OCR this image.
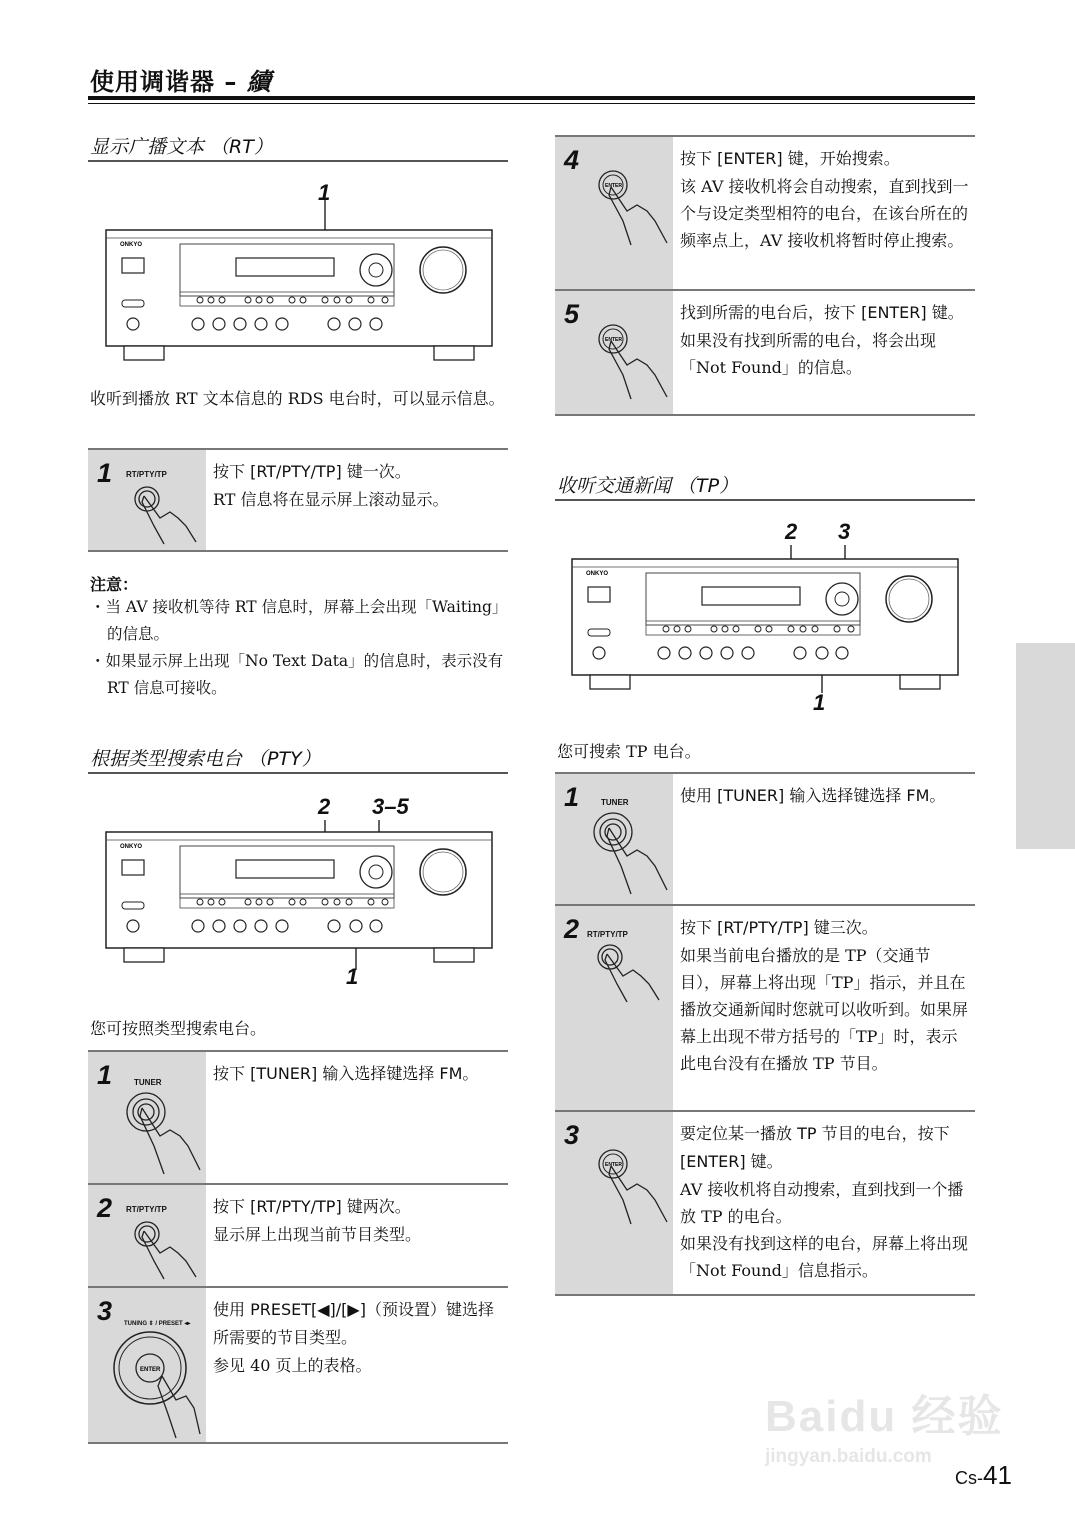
使用调谐器 – 續
显示广播文本 （RT）
1
ONKYO
收听到播放 RT 文本信息的 RDS 电台时，可以显示信息。
1 RT/PTY/TP	按下 [RT/PTY/TP] 键一次。
RT 信息将在显示屏上滚动显示。
注意：
・当 AV 接收机等待 RT 信息时，屏幕上会出现「Waiting」的信息。
・如果显示屏上出现「No Text Data」的信息时，表示没有 RT 信息可接收。
根据类型搜索电台 （PTY）
2 3–5
1
ONKYO
您可按照类型搜索电台。
1	TUNER	按下 [TUNER] 输入选择键选择 FM。
2 RT/PTY/TP	按下 [RT/PTY/TP] 键两次。
显示屏上出现当前节目类型。
3 TUNING ⇕ / PRESET ◂▸
ENTER
使用 PRESET[◀]/[▶]（预设置）键选择所需要的节目类型。
参见 40 页上的表格。
4
ENTER
按下 [ENTER] 键，开始搜索。
该 AV 接收机将会自动搜索，直到找到一个与设定类型相符的电台，在该台所在的频率点上，AV 接收机将暂时停止搜索。
5
ENTER
找到所需的电台后，按下 [ENTER] 键。
如果没有找到所需的电台，将会出现「Not Found」的信息。
收听交通新闻 （TP）
2 3
1
ONKYO
您可搜索 TP 电台。
1	TUNER	使用 [TUNER] 输入选择键选择 FM。
2 RT/PTY/TP	按下 [RT/PTY/TP] 键三次。
如果当前电台播放的是 TP（交通节目），屏幕上将出现「TP」指示，并且在播放交通新闻时您就可以收听到。如果屏幕上出现不带方括号的「TP」时，表示此电台没有在播放 TP 节目。
3
ENTER
要定位某一播放 TP 节目的电台，按下 [ENTER] 键。
AV 接收机将自动搜索，直到找到一个播放 TP 的电台。
如果没有找到这样的电台，屏幕上将出现「Not Found」信息指示。
Baidu 经验
jingyan.baidu.com
Cs-41
